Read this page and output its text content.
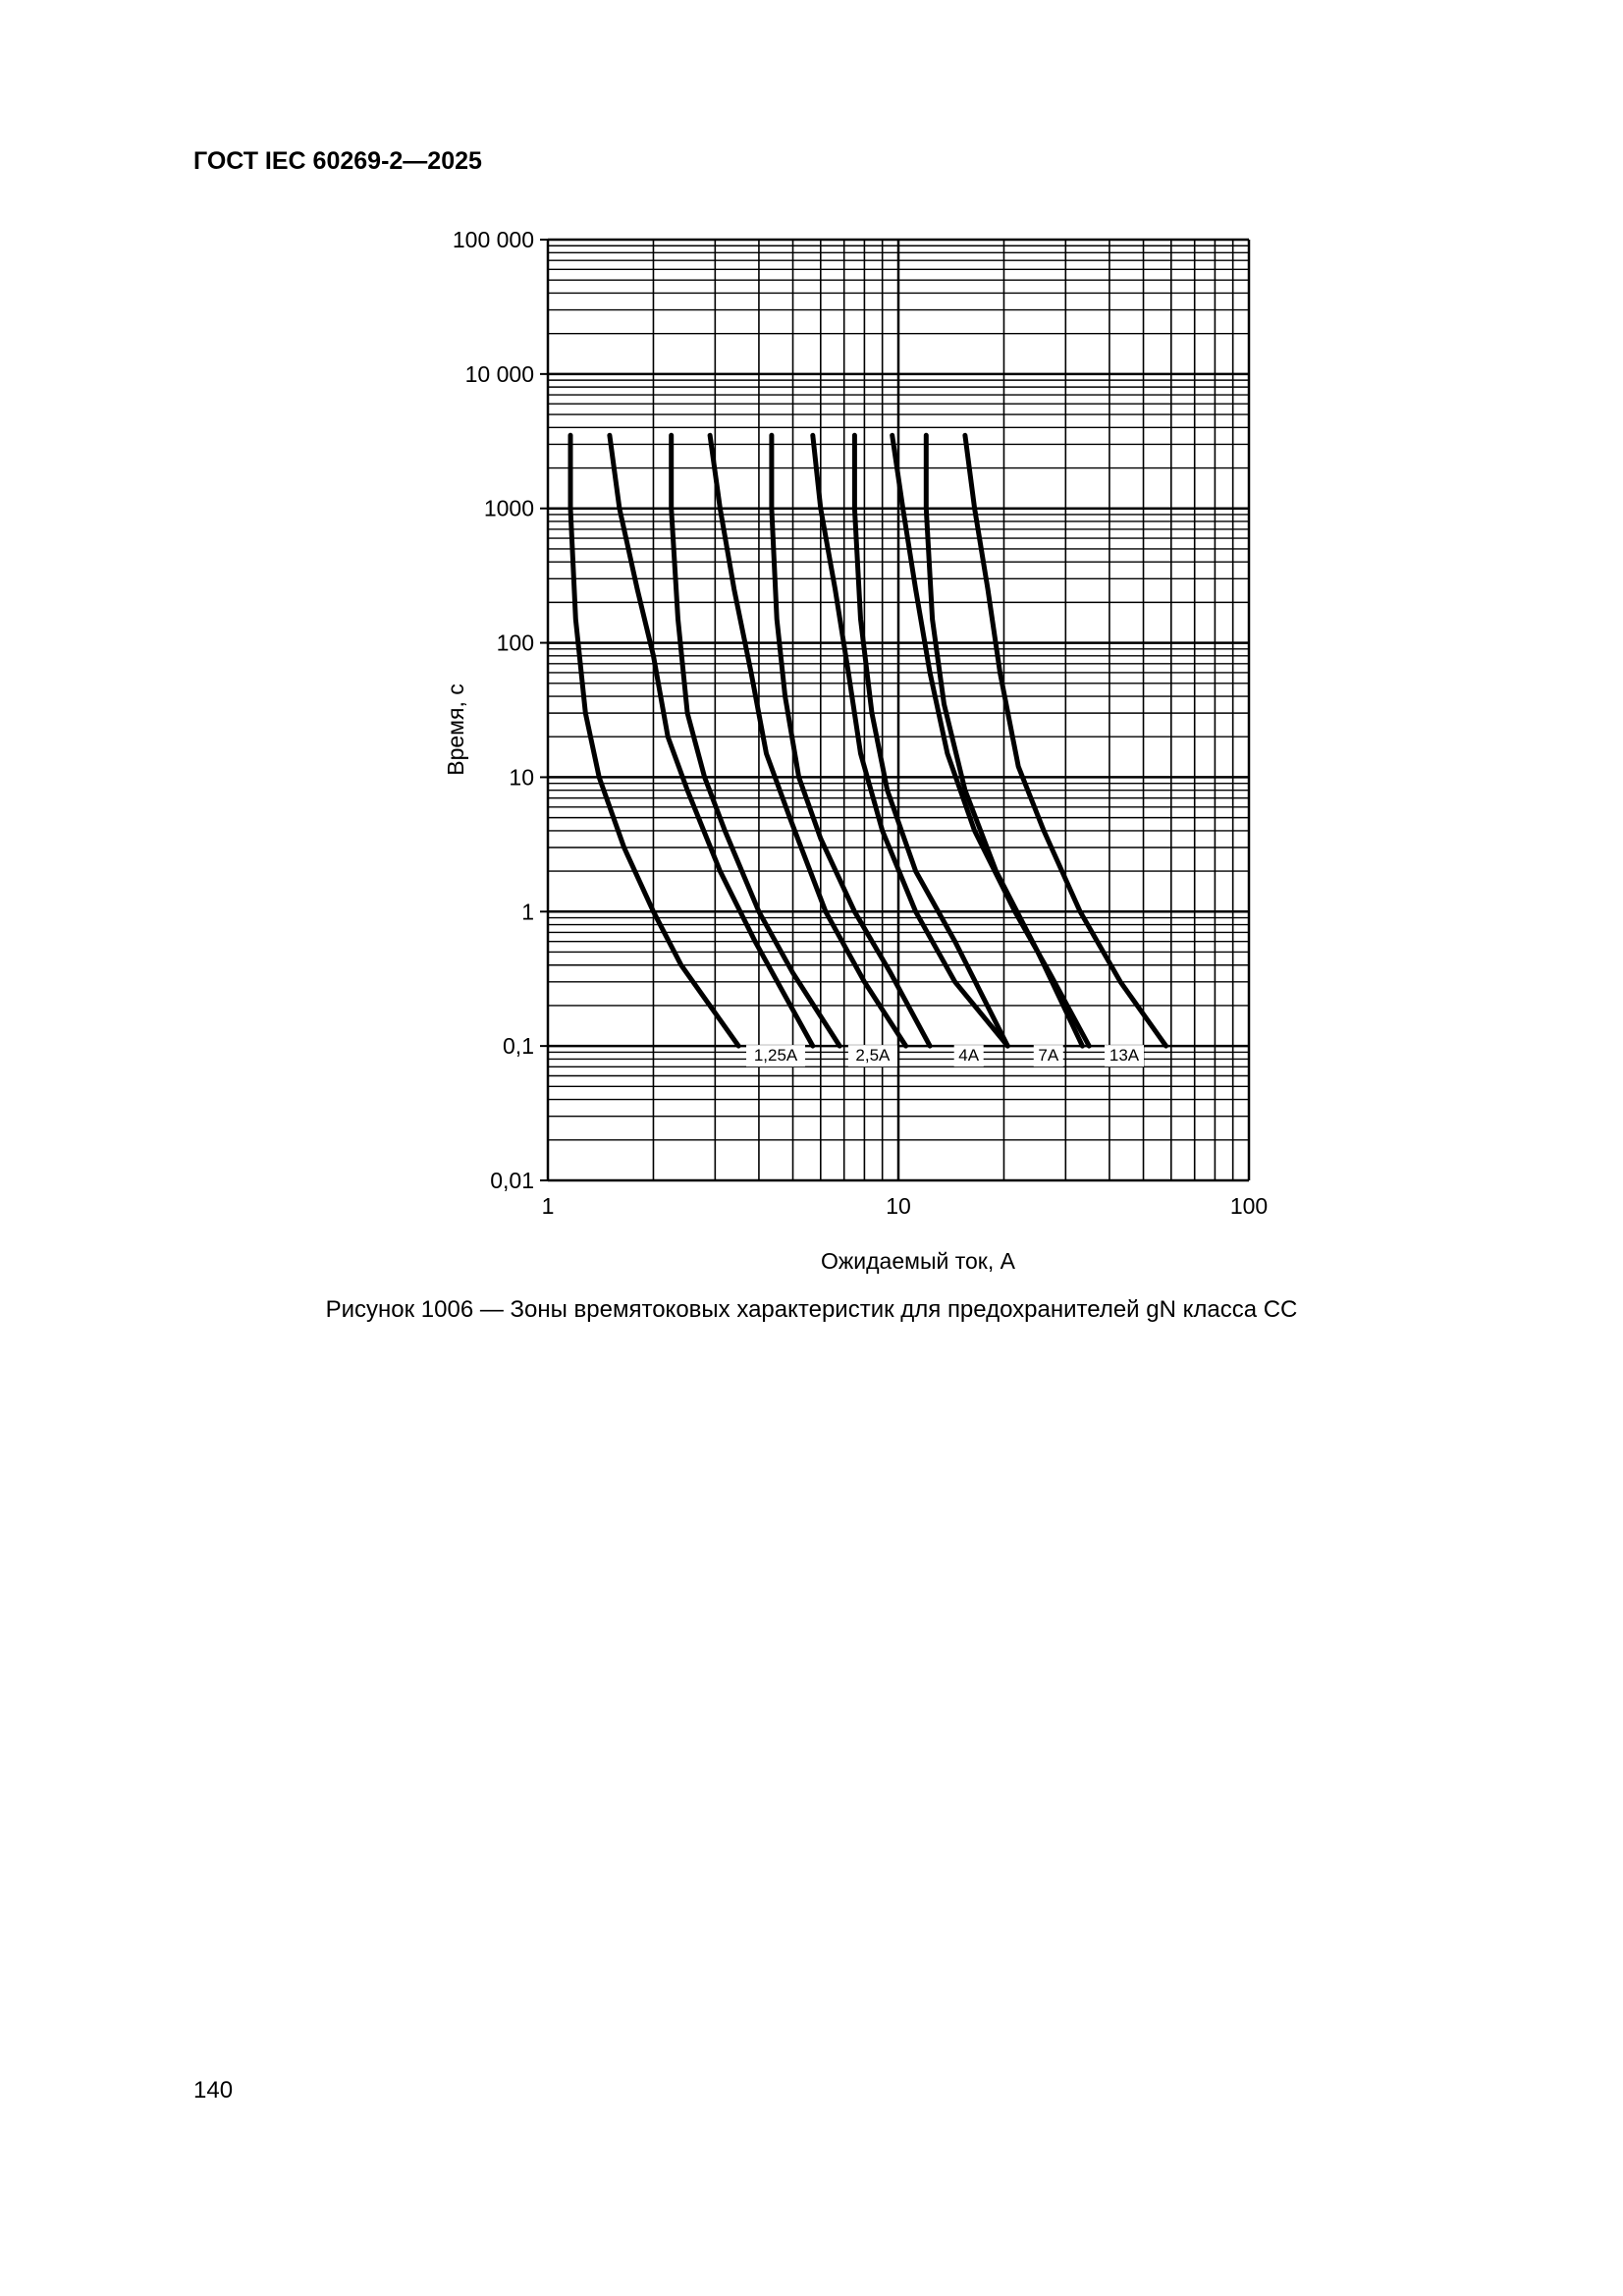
ГОСТ IEC 60269-2—2025
1,25A	2,5A	4A	7A	13A
0,01
0,1
1
10
100
1000
10 000
100 000
1	10	100
Ожидаемый ток, A
Время, с
Рисунок 1006 — Зоны времятоковых характеристик для предохранителей gN класса СС
140
